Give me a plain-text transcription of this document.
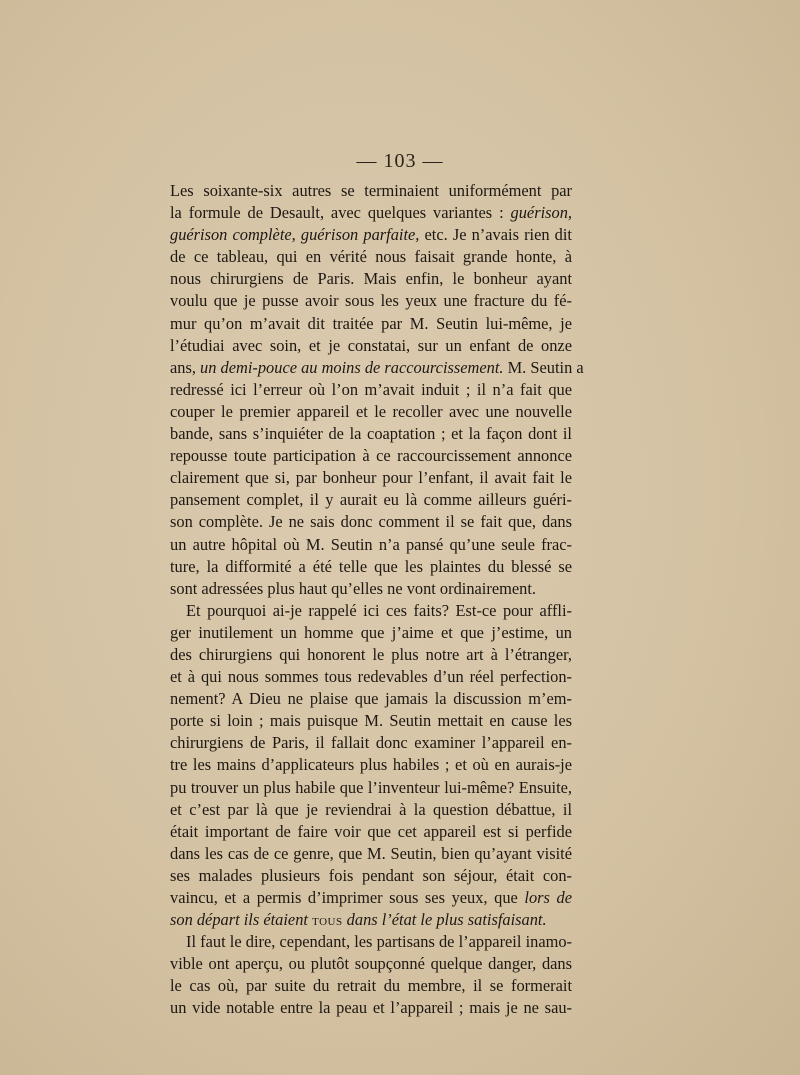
— 103 —
Les soixante-six autres se terminaient uniformément par
la formule de Desault, avec quelques variantes : guérison,
guérison complète, guérison parfaite, etc. Je n’avais rien dit
de ce tableau, qui en vérité nous faisait grande honte, à
nous chirurgiens de Paris. Mais enfin, le bonheur ayant
voulu que je pusse avoir sous les yeux une fracture du fé-
mur qu’on m’avait dit traitée par M. Seutin lui-même, je
l’étudiai avec soin, et je constatai, sur un enfant de onze
ans, un demi-pouce au moins de raccourcissement. M. Seutin a
redressé ici l’erreur où l’on m’avait induit ; il n’a fait que
couper le premier appareil et le recoller avec une nouvelle
bande, sans s’inquiéter de la coaptation ; et la façon dont il
repousse toute participation à ce raccourcissement annonce
clairement que si, par bonheur pour l’enfant, il avait fait le
pansement complet, il y aurait eu là comme ailleurs guéri-
son complète. Je ne sais donc comment il se fait que, dans
un autre hôpital où M. Seutin n’a pansé qu’une seule frac-
ture, la difformité a été telle que les plaintes du blessé se
sont adressées plus haut qu’elles ne vont ordinairement.
Et pourquoi ai-je rappelé ici ces faits? Est-ce pour affli-
ger inutilement un homme que j’aime et que j’estime, un
des chirurgiens qui honorent le plus notre art à l’étranger,
et à qui nous sommes tous redevables d’un réel perfection-
nement? A Dieu ne plaise que jamais la discussion m’em-
porte si loin ; mais puisque M. Seutin mettait en cause les
chirurgiens de Paris, il fallait donc examiner l’appareil en-
tre les mains d’applicateurs plus habiles ; et où en aurais-je
pu trouver un plus habile que l’inventeur lui-même? Ensuite,
et c’est par là que je reviendrai à la question débattue, il
était important de faire voir que cet appareil est si perfide
dans les cas de ce genre, que M. Seutin, bien qu’ayant visité
ses malades plusieurs fois pendant son séjour, était con-
vaincu, et a permis d’imprimer sous ses yeux, que lors de
son départ ils étaient tous dans l’état le plus satisfaisant.
Il faut le dire, cependant, les partisans de l’appareil inamo-
vible ont aperçu, ou plutôt soupçonné quelque danger, dans
le cas où, par suite du retrait du membre, il se formerait
un vide notable entre la peau et l’appareil ; mais je ne sau-
